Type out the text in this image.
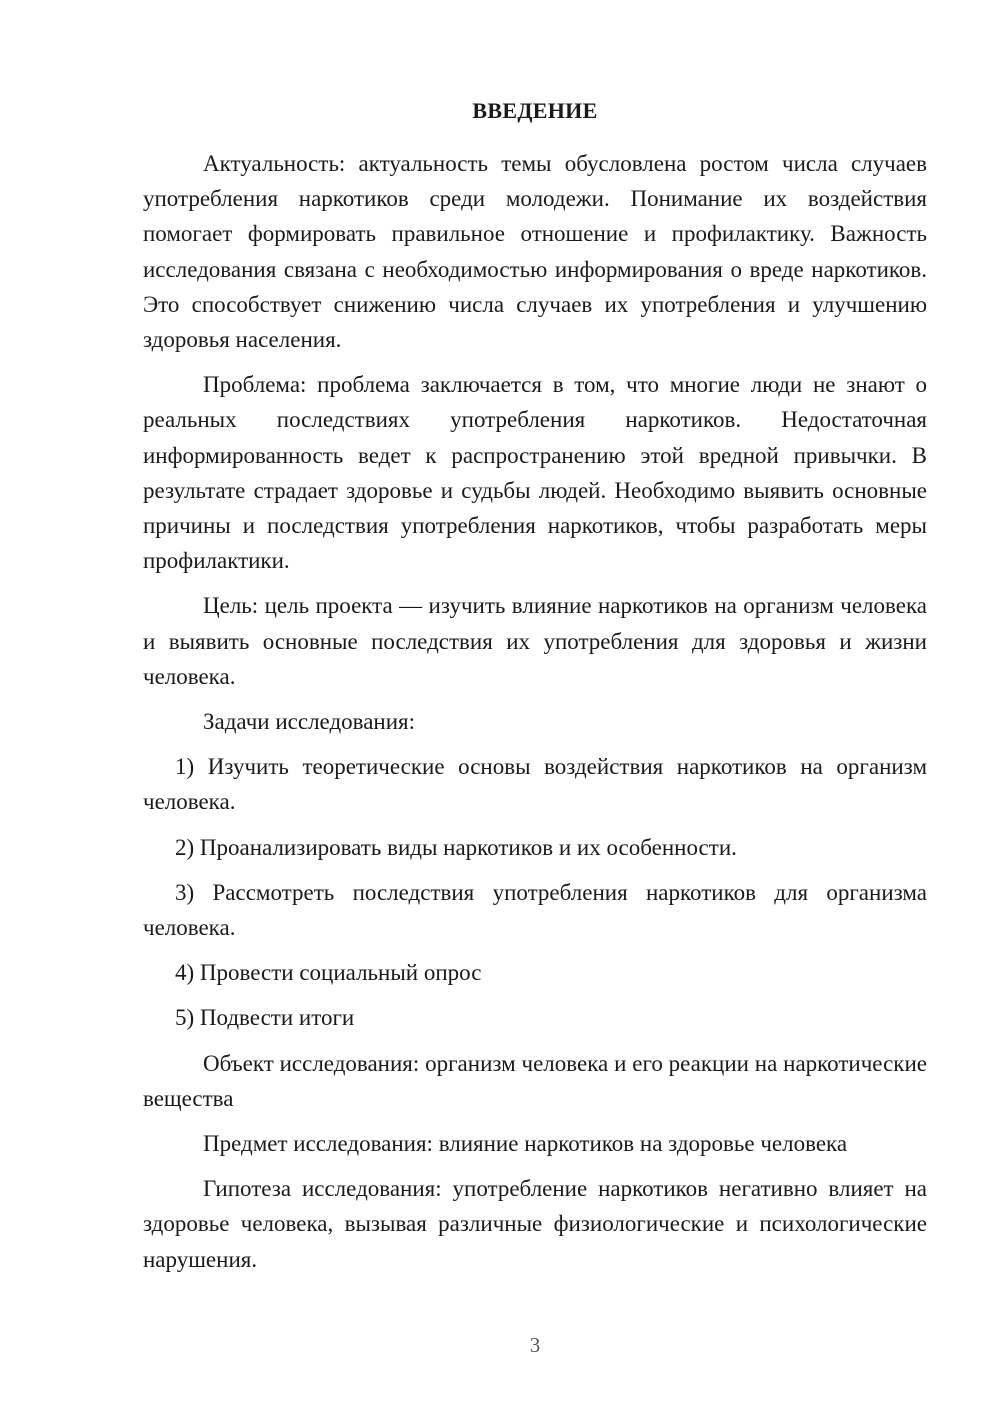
ВВЕДЕНИЕ

Актуальность: актуальность темы обусловлена ростом числа случаев употребления наркотиков среди молодежи. Понимание их воздействия помогает формировать правильное отношение и профилактику. Важность исследования связана с необходимостью информирования о вреде наркотиков. Это способствует снижению числа случаев их употребления и улучшению здоровья населения.

Проблема: проблема заключается в том, что многие люди не знают о реальных последствиях употребления наркотиков. Недостаточная информированность ведет к распространению этой вредной привычки. В результате страдает здоровье и судьбы людей. Необходимо выявить основные причины и последствия употребления наркотиков, чтобы разработать меры профилактики.

Цель: цель проекта — изучить влияние наркотиков на организм человека и выявить основные последствия их употребления для здоровья и жизни человека.

Задачи исследования:

1) Изучить теоретические основы воздействия наркотиков на организм человека.

2) Проанализировать виды наркотиков и их особенности.

3) Рассмотреть последствия употребления наркотиков для организма человека.

4) Провести социальный опрос

5) Подвести итоги

Объект исследования: организм человека и его реакции на наркотические вещества

Предмет исследования: влияние наркотиков на здоровье человека

Гипотеза исследования: употребление наркотиков негативно влияет на здоровье человека, вызывая различные физиологические и психологические нарушения.

3
